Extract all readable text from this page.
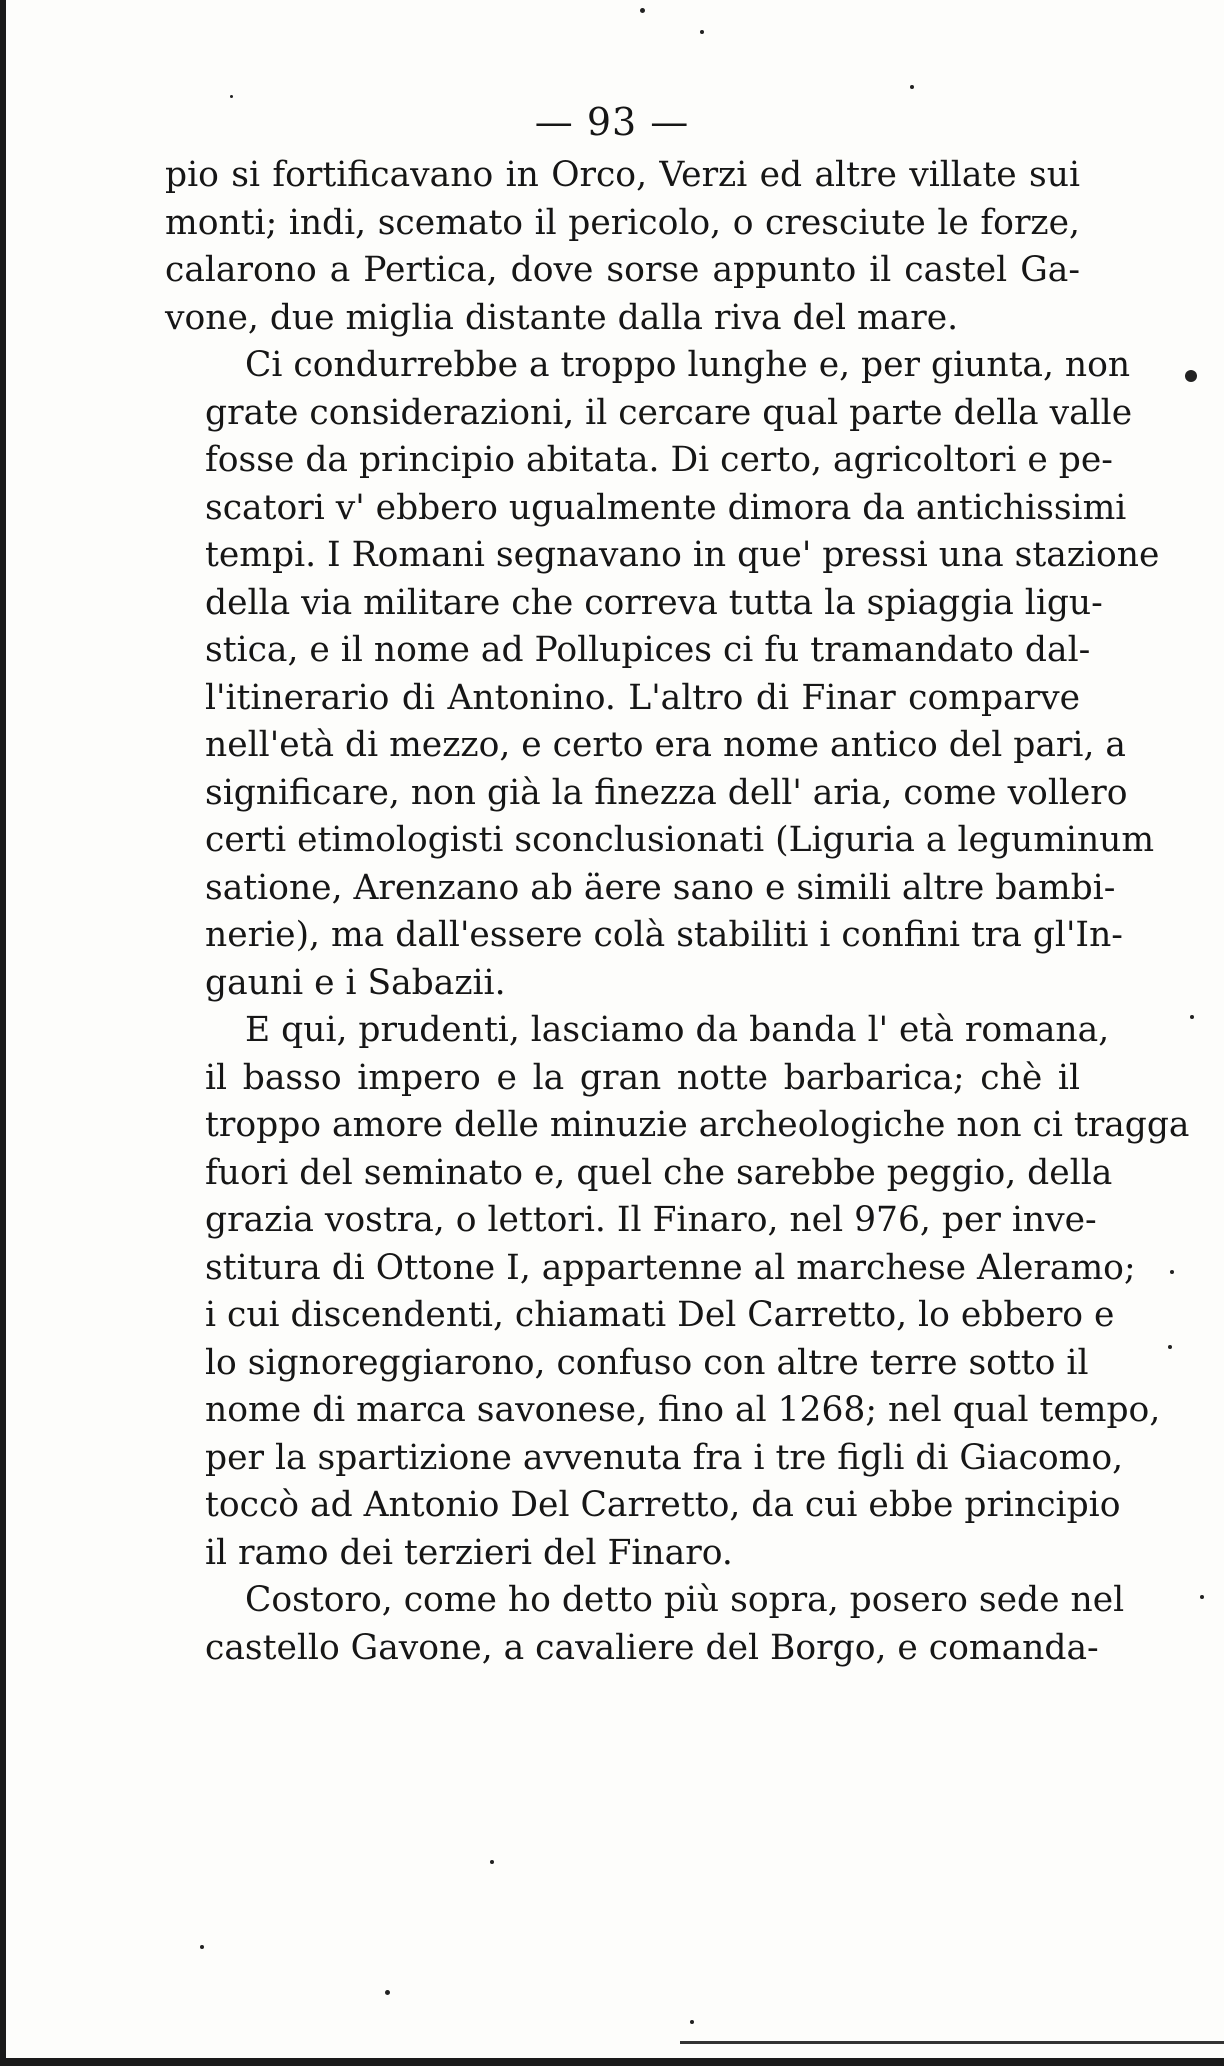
— 93 —

pio si fortificavano in Orco, Verzi ed altre villate sui
monti; indi, scemato il pericolo, o cresciute le forze,
calarono a Pertica, dove sorse appunto il castel Ga-
vone, due miglia distante dalla riva del mare.

Ci condurrebbe a troppo lunghe e, per giunta, non
grate considerazioni, il cercare qual parte della valle
fosse da principio abitata. Di certo, agricoltori e pe-
scatori v' ebbero ugualmente dimora da antichissimi
tempi. I Romani segnavano in que' pressi una stazione
della via militare che correva tutta la spiaggia ligu-
stica, e il nome ad Pollupices ci fu tramandato dal-
l'itinerario di Antonino. L'altro di Finar comparve
nell'età di mezzo, e certo era nome antico del pari, a
significare, non già la finezza dell' aria, come vollero
certi etimologisti sconclusionati (Liguria a leguminum
satione, Arenzano ab äere sano e simili altre bambi-
nerie), ma dall'essere colà stabiliti i confini tra gl'In-
gauni e i Sabazii.

E qui, prudenti, lasciamo da banda l' età romana,
il basso impero e la gran notte barbarica; chè il
troppo amore delle minuzie archeologiche non ci tragga
fuori del seminato e, quel che sarebbe peggio, della
grazia vostra, o lettori. Il Finaro, nel 976, per inve-
stitura di Ottone I, appartenne al marchese Aleramo;
i cui discendenti, chiamati Del Carretto, lo ebbero e
lo signoreggiarono, confuso con altre terre sotto il
nome di marca savonese, fino al 1268; nel qual tempo,
per la spartizione avvenuta fra i tre figli di Giacomo,
toccò ad Antonio Del Carretto, da cui ebbe principio
il ramo dei terzieri del Finaro.

Costoro, come ho detto più sopra, posero sede nel
castello Gavone, a cavaliere del Borgo, e comanda-
